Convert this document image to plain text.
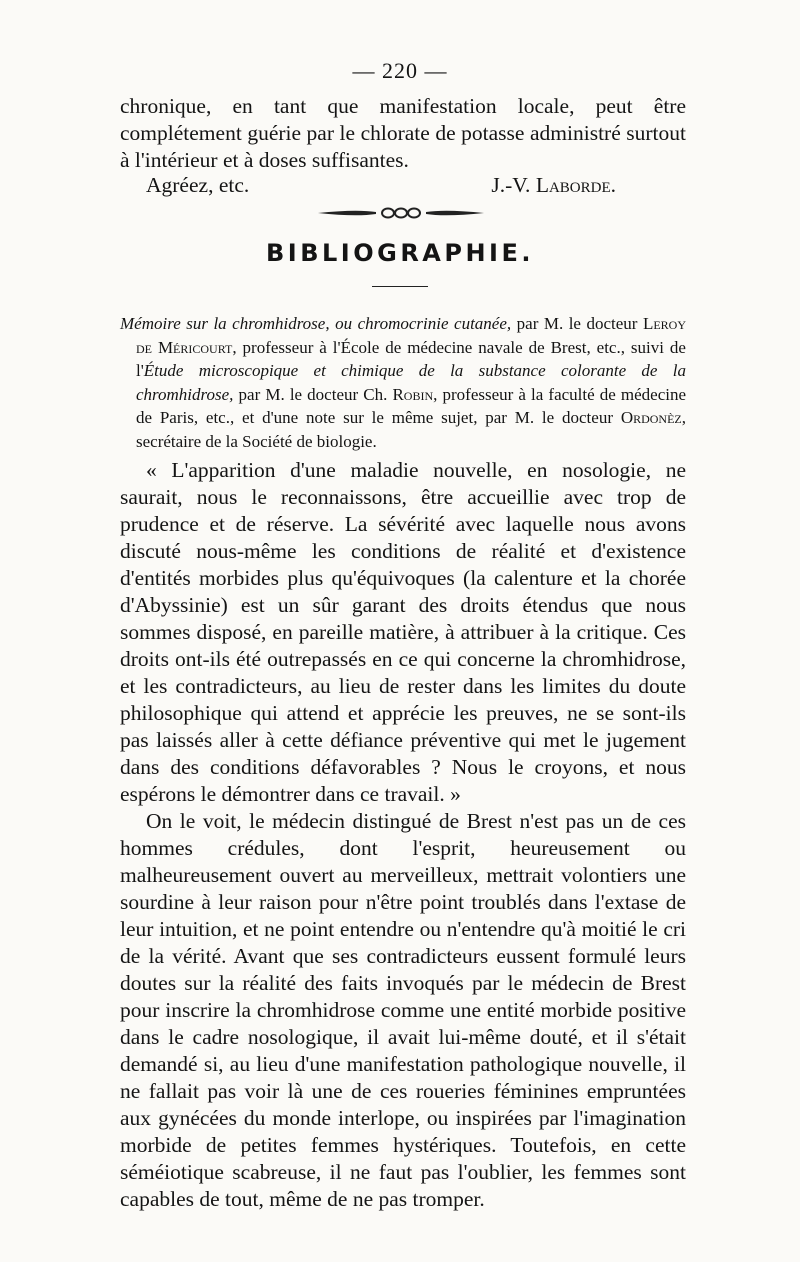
— 220 —

chronique, en tant que manifestation locale, peut être complétement guérie par le chlorate de potasse administré surtout à l'intérieur et à doses suffisantes.

Agréez, etc.	J.-V. Laborde.
BIBLIOGRAPHIE.

Mémoire sur la chromhidrose, ou chromocrinie cutanée, par M. le docteur Leroy de Méricourt, professeur à l'École de médecine navale de Brest, etc., suivi de l'Étude microscopique et chimique de la substance colorante de la chromhidrose, par M. le docteur Ch. Robin, professeur à la faculté de médecine de Paris, etc., et d'une note sur le même sujet, par M. le docteur Ordonèz, secrétaire de la Société de biologie.

« L'apparition d'une maladie nouvelle, en nosologie, ne saurait, nous le reconnaissons, être accueillie avec trop de prudence et de réserve. La sévérité avec laquelle nous avons discuté nous-même les conditions de réalité et d'existence d'entités morbides plus qu'équivoques (la calenture et la chorée d'Abyssinie) est un sûr garant des droits étendus que nous sommes disposé, en pareille matière, à attribuer à la critique. Ces droits ont-ils été outrepassés en ce qui concerne la chromhidrose, et les contradicteurs, au lieu de rester dans les limites du doute philosophique qui attend et apprécie les preuves, ne se sont-ils pas laissés aller à cette défiance préventive qui met le jugement dans des conditions défavorables ? Nous le croyons, et nous espérons le démontrer dans ce travail. »

On le voit, le médecin distingué de Brest n'est pas un de ces hommes crédules, dont l'esprit, heureusement ou malheureusement ouvert au merveilleux, mettrait volontiers une sourdine à leur raison pour n'être point troublés dans l'extase de leur intuition, et ne point entendre ou n'entendre qu'à moitié le cri de la vérité. Avant que ses contradicteurs eussent formulé leurs doutes sur la réalité des faits invoqués par le médecin de Brest pour inscrire la chromhidrose comme une entité morbide positive dans le cadre nosologique, il avait lui-même douté, et il s'était demandé si, au lieu d'une manifestation pathologique nouvelle, il ne fallait pas voir là une de ces roueries féminines empruntées aux gynécées du monde interlope, ou inspirées par l'imagination morbide de petites femmes hystériques. Toutefois, en cette séméiotique scabreuse, il ne faut pas l'oublier, les femmes sont capables de tout, même de ne pas tromper.
